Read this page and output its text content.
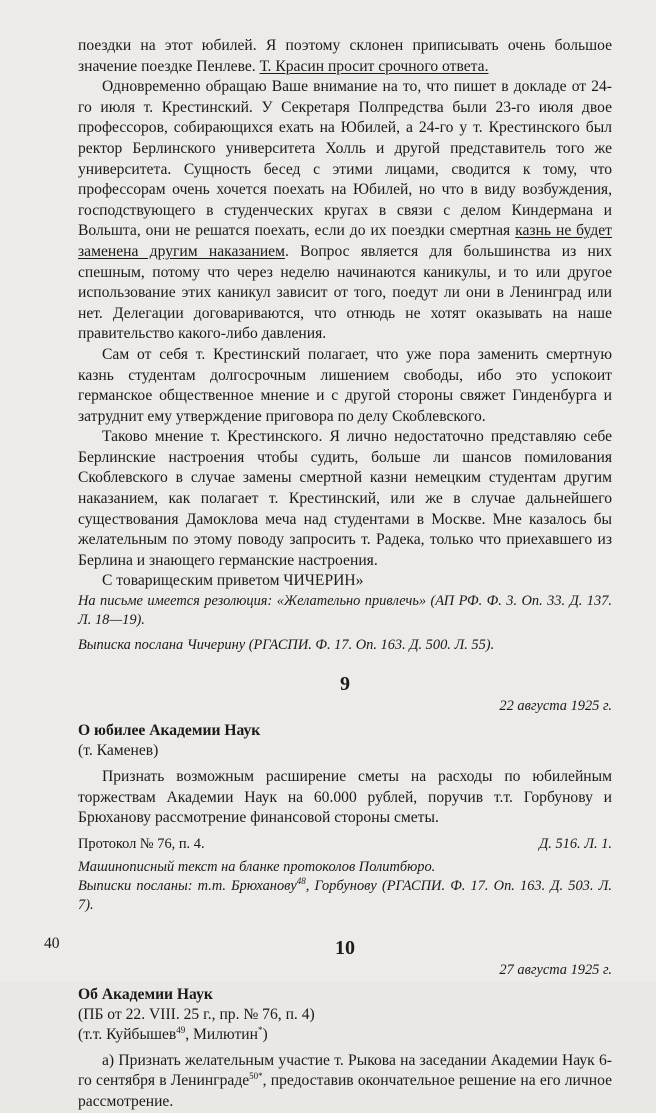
поездки на этот юбилей. Я поэтому склонен приписывать очень большое значение поездке Пенлеве. Т. Красин просит срочного ответа.

Одновременно обращаю Ваше внимание на то, что пишет в докладе от 24-го июля т. Крестинский. У Секретаря Полпредства были 23-го июля двое профессоров, собирающихся ехать на Юбилей, а 24-го у т. Крестинского был ректор Берлинского университета Холль и другой представитель того же университета. Сущность бесед с этими лицами, сводится к тому, что профессорам очень хочется поехать на Юбилей, но что в виду возбуждения, господствующего в студенческих кругах в связи с делом Киндермана и Вольшта, они не решатся поехать, если до их поездки смертная казнь не будет заменена другим наказанием. Вопрос является для большинства из них спешным, потому что через неделю начинаются каникулы, и то или другое использование этих каникул зависит от того, поедут ли они в Ленинград или нет. Делегации договариваются, что отнюдь не хотят оказывать на наше правительство какого-либо давления.

Сам от себя т. Крестинский полагает, что уже пора заменить смертную казнь студентам долгосрочным лишением свободы, ибо это успокоит германское общественное мнение и с другой стороны свяжет Гинденбурга и затруднит ему утверждение приговора по делу Скоблевского.

Таково мнение т. Крестинского. Я лично недостаточно представляю себе Берлинские настроения чтобы судить, больше ли шансов помилования Скоблевского в случае замены смертной казни немецким студентам другим наказанием, как полагает т. Крестинский, или же в случае дальнейшего существования Дамоклова меча над студентами в Москве. Мне казалось бы желательным по этому поводу запросить т. Радека, только что приехавшего из Берлина и знающего германские настроения.

С товарищеским приветом ЧИЧЕРИН»

На письме имеется резолюция: «Желательно привлечь» (АП РФ. Ф. 3. Оп. 33. Д. 137. Л. 18—19).

Выписка послана Чичерину (РГАСПИ. Ф. 17. Оп. 163. Д. 500. Л. 55).

9
22 августа 1925 г.

О юбилее Академии Наук

(т. Каменев)

Признать возможным расширение сметы на расходы по юбилейным торжествам Академии Наук на 60.000 рублей, поручив т.т. Горбунову и Брюханову рассмотрение финансовой стороны сметы.

Протокол № 76, п. 4.	Д. 516. Л. 1.

Машинописный текст на бланке протоколов Политбюро.

Выписки посланы: т.т. Брюханову$^{48}$, Горбунову (РГАСПИ. Ф. 17. Оп. 163. Д. 503. Л. 7).

10
27 августа 1925 г.

Об Академии Наук

(ПБ от 22. VIII. 25 г., пр. № 76, п. 4)

(т.т. Куйбышев$^{49}$, Милютин*)

а) Признать желательным участие т. Рыкова на заседании Академии Наук 6-го сентября в Ленинграде$^{50*}$, предоставив окончательное решение на его личное рассмотрение.

40
